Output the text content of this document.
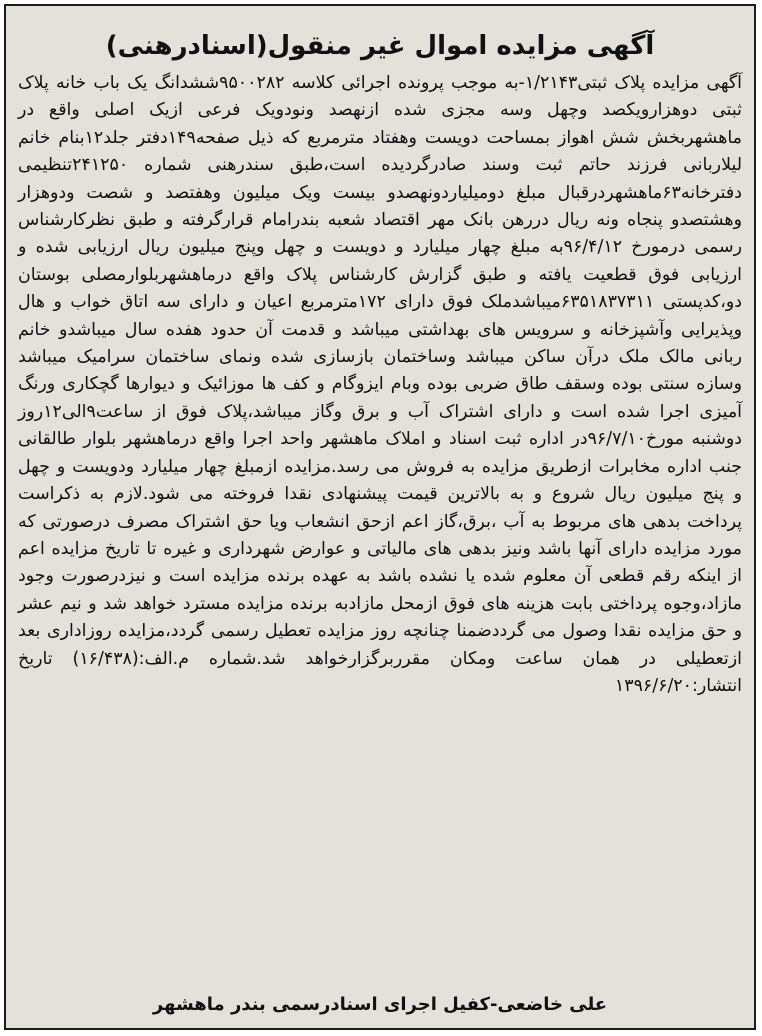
آگهی مزایده اموال غیر منقول(اسنادرهنی)
آگهی مزایده پلاک ثبتی۱/۲۱۴۳-به موجب پرونده اجرائی کلاسه ۹۵۰۰۲۸۲ششدانگ یک باب خانه پلاک ثبتی دوهزارویکصد وچهل وسه مجزی شده ازنهصد ونودویک فرعی ازیک اصلی واقع در ماهشهربخش شش اهواز بمساحت دویست وهفتاد مترمربع که ذیل صفحه۱۴۹دفتر جلد۱۲بنام خانم لیلاربانی فرزند حاتم ثبت وسند صادرگردیده است،طبق سندرهنی شماره ۲۴۱۲۵۰تنظیمی دفترخانه۶۳ماهشهردرقبال مبلغ دومیلیاردونهصدو بیست ویک میلیون وهفتصد و شصت ودوهزار وهشتصدو پنجاه ونه ریال دررهن بانک مهر اقتصاد شعبه بندرامام قرارگرفته و طبق نظرکارشناس رسمی درمورخ ۹۶/۴/۱۲به مبلغ چهار میلیارد و دویست و چهل وپنج میلیون ریال ارزیابی شده و ارزیابی فوق قطعیت یافته و طبق گزارش کارشناس پلاک واقع درماهشهربلوارمصلی بوستان دو،کدپستی ۶۳۵۱۸۳۷۳۱۱میباشدملک فوق دارای ۱۷۲مترمربع اعیان و دارای سه اتاق خواب و هال وپذیرایی وآشپزخانه و سرویس های بهداشتی میباشد و قدمت آن حدود هفده سال میباشدو خانم ربانی مالک ملک درآن ساکن میباشد وساختمان بازسازی شده ونمای ساختمان سرامیک میباشد وسازه سنتی بوده وسقف طاق ضربی بوده وبام ایزوگام و کف ها موزائیک و دیوارها گچکاری ورنگ آمیزی اجرا شده است و دارای اشتراک آب و برق وگاز میباشد،پلاک فوق از ساعت۹الی۱۲روز دوشنبه مورخ۹۶/۷/۱۰در اداره ثبت اسناد و املاک ماهشهر واحد اجرا واقع درماهشهر بلوار طالقانی جنب اداره مخابرات ازطریق مزایده به فروش می رسد.مزایده ازمبلغ چهار میلیارد ودویست و چهل و پنج میلیون ریال شروع و به بالاترین قیمت پیشنهادی نقدا فروخته می شود.لازم به ذکراست پرداخت بدهی های مربوط به آب ،برق،گاز اعم ازحق انشعاب ویا حق اشتراک مصرف درصورتی که مورد مزایده دارای آنها باشد ونیز بدهی های مالیاتی و عوارض شهرداری و غیره تا تاریخ مزایده اعم از اینکه رقم قطعی آن معلوم شده یا نشده باشد به عهده برنده مزایده است و نیزدرصورت وجود مازاد،وجوه پرداختی بابت هزینه های فوق ازمحل مازادبه برنده مزایده مسترد خواهد شد و نیم عشر و حق مزایده نقدا وصول می گرددضمنا چنانچه روز مزایده تعطیل رسمی گردد،مزایده روزاداری بعد ازتعطیلی در همان ساعت ومکان مقرربرگزارخواهد شد.شماره م.الف:(۱۶/۴۳۸) تاریخ انتشار:۱۳۹۶/۶/۲۰
علی خاضعی-کفیل اجرای اسنادرسمی بندر ماهشهر
